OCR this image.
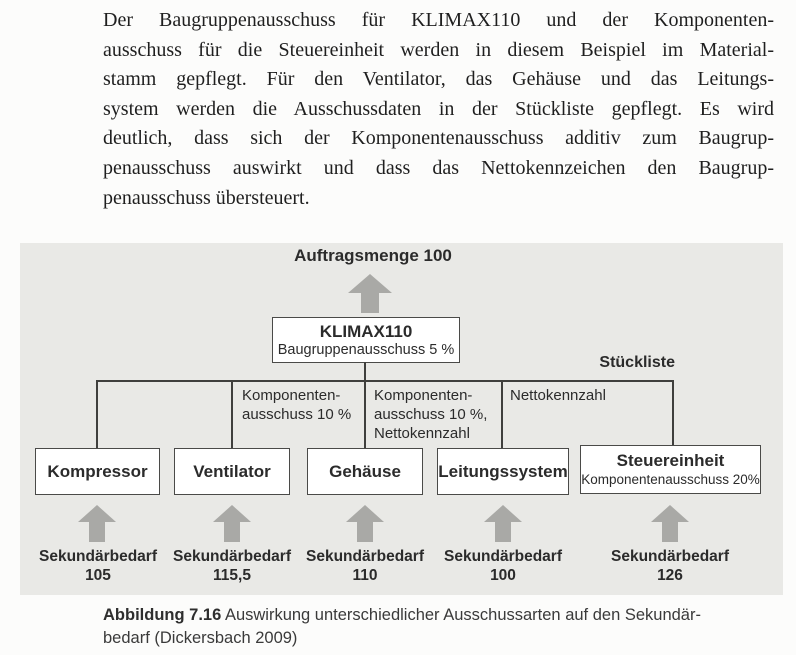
Der Baugruppenausschuss für KLIMAX110 und der Komponenten-
ausschuss für die Steuereinheit werden in diesem Beispiel im Material-
stamm gepflegt. Für den Ventilator, das Gehäuse und das Leitungs-
system werden die Ausschussdaten in der Stückliste gepflegt. Es wird
deutlich, dass sich der Komponentenausschuss additiv zum Baugrup-
penausschuss auswirkt und dass das Nettokennzeichen den Baugrup-
penausschuss übersteuert.
Auftragsmenge 100
KLIMAX110
Baugruppenausschuss 5 %
Stückliste
Komponenten-
ausschuss 10 %
Komponenten-
ausschuss 10 %,
Nettokennzahl
Nettokennzahl
Kompressor	Ventilator	Gehäuse Leitungssystem
Steuereinheit
Komponentenausschuss 20%
Sekundärbedarf
105
Sekundärbedarf
115,5
Sekundärbedarf
110
Sekundärbedarf
100
Sekundärbedarf
126
Abbildung 7.16 Auswirkung unterschiedlicher Ausschussarten auf den Sekundär-
bedarf (Dickersbach 2009)
